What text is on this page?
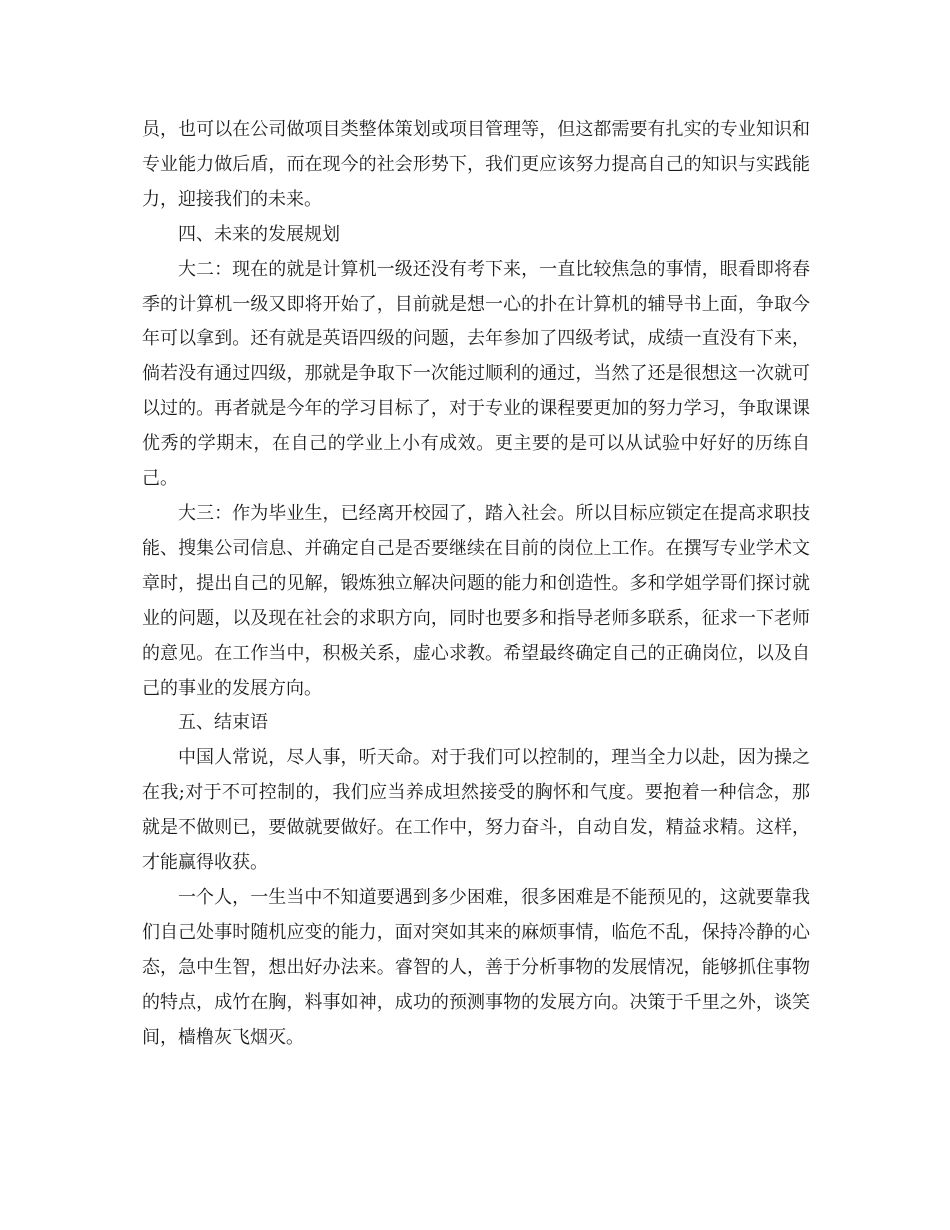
员，也可以在公司做项目类整体策划或项目管理等，但这都需要有扎实的专业知识和专业能力做后盾，而在现今的社会形势下，我们更应该努力提高自己的知识与实践能力，迎接我们的未来。

四、未来的发展规划

大二：现在的就是计算机一级还没有考下来，一直比较焦急的事情，眼看即将春季的计算机一级又即将开始了，目前就是想一心的扑在计算机的辅导书上面，争取今年可以拿到。还有就是英语四级的问题，去年参加了四级考试，成绩一直没有下来，倘若没有通过四级，那就是争取下一次能过顺利的通过，当然了还是很想这一次就可以过的。再者就是今年的学习目标了，对于专业的课程要更加的努力学习，争取课课优秀的学期末，在自己的学业上小有成效。更主要的是可以从试验中好好的历练自己。

大三：作为毕业生，已经离开校园了，踏入社会。所以目标应锁定在提高求职技能、搜集公司信息、并确定自己是否要继续在目前的岗位上工作。在撰写专业学术文章时，提出自己的见解，锻炼独立解决问题的能力和创造性。多和学姐学哥们探讨就业的问题，以及现在社会的求职方向，同时也要多和指导老师多联系，征求一下老师的意见。在工作当中，积极关系，虚心求教。希望最终确定自己的正确岗位，以及自己的事业的发展方向。

五、结束语

中国人常说，尽人事，听天命。对于我们可以控制的，理当全力以赴，因为操之在我;对于不可控制的，我们应当养成坦然接受的胸怀和气度。要抱着一种信念，那就是不做则已，要做就要做好。在工作中，努力奋斗，自动自发，精益求精。这样，才能赢得收获。

一个人，一生当中不知道要遇到多少困难，很多困难是不能预见的，这就要靠我们自己处事时随机应变的能力，面对突如其来的麻烦事情，临危不乱，保持冷静的心态，急中生智，想出好办法来。睿智的人，善于分析事物的发展情况，能够抓住事物的特点，成竹在胸，料事如神，成功的预测事物的发展方向。决策于千里之外，谈笑间，樯橹灰飞烟灭。
